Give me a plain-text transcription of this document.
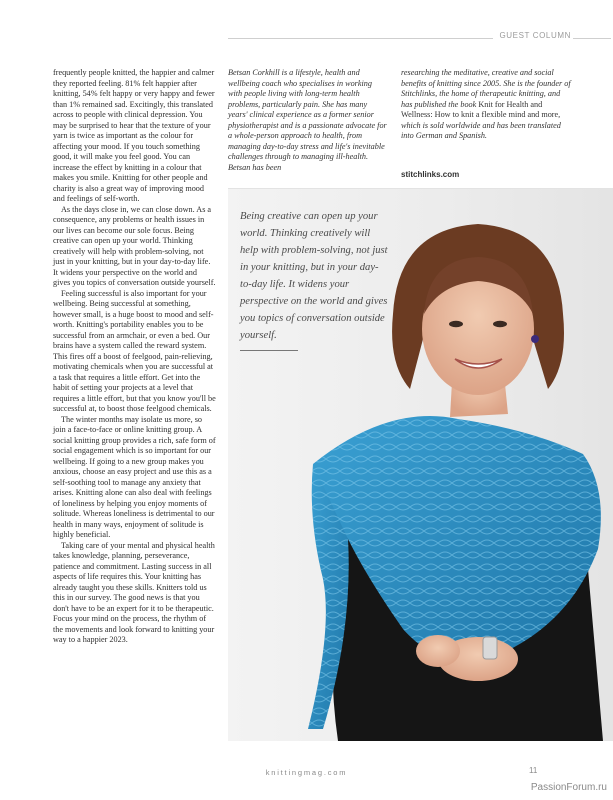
GUEST COLUMN

frequently people knitted, the happier and calmer they reported feeling. 81% felt happier after knitting, 54% felt happy or very happy and fewer than 1% remained sad. Excitingly, this translated across to people with clinical depression. You may be surprised to hear that the texture of your yarn is twice as important as the colour for affecting your mood. If you touch something good, it will make you feel good. You can increase the effect by knitting in a colour that makes you smile. Knitting for other people and charity is also a great way of improving mood and feelings of self-worth.

As the days close in, we can close down. As a consequence, any problems or health issues in our lives can become our sole focus. Being creative can open up your world. Thinking creatively will help with problem-solving, not just in your knitting, but in your day-to-day life. It widens your perspective on the world and gives you topics of conversation outside yourself.

Feeling successful is also important for your wellbeing. Being successful at something, however small, is a huge boost to mood and self-worth. Knitting's portability enables you to be successful from an armchair, or even a bed. Our brains have a system called the reward system. This fires off a boost of feelgood, pain-relieving, motivating chemicals when you are successful at a task that requires a little effort. Get into the habit of setting your projects at a level that requires a little effort, but that you know you'll be successful at, to boost those feelgood chemicals.

The winter months may isolate us more, so join a face-to-face or online knitting group. A social knitting group provides a rich, safe form of social engagement which is so important for our wellbeing. If going to a new group makes you anxious, choose an easy project and use this as a self-soothing tool to manage any anxiety that arises. Knitting alone can also deal with feelings of loneliness by helping you enjoy moments of solitude. Whereas loneliness is detrimental to our health in many ways, enjoyment of solitude is highly beneficial.

Taking care of your mental and physical health takes knowledge, planning, perseverance, patience and commitment. Lasting success in all aspects of life requires this. Your knitting has already taught you these skills. Knitters told us this in our survey. The good news is that you don't have to be an expert for it to be therapeutic. Focus your mind on the process, the rhythm of the movements and look forward to knitting your way to a happier 2023.

Betsan Corkhill is a lifestyle, health and wellbeing coach who specialises in working with people living with long-term health problems, particularly pain. She has many years' clinical experience as a former senior physiotherapist and is a passionate advocate for a whole-person approach to health, from managing day-to-day stress and life's inevitable challenges through to managing ill-health. Betsan has been

researching the meditative, creative and social benefits of knitting since 2005. She is the founder of Stitchlinks, the home of therapeutic knitting, and has published the book Knit for Health and Wellness: How to knit a flexible mind and more, which is sold worldwide and has been translated into German and Spanish.

stitchlinks.com

Being creative can open up your world. Thinking creatively will help with problem-solving, not just in your knitting, but in your day-to-day life. It widens your perspective on the world and gives you topics of conversation outside yourself.

knittingmag.com	11
PassionForum.ru
